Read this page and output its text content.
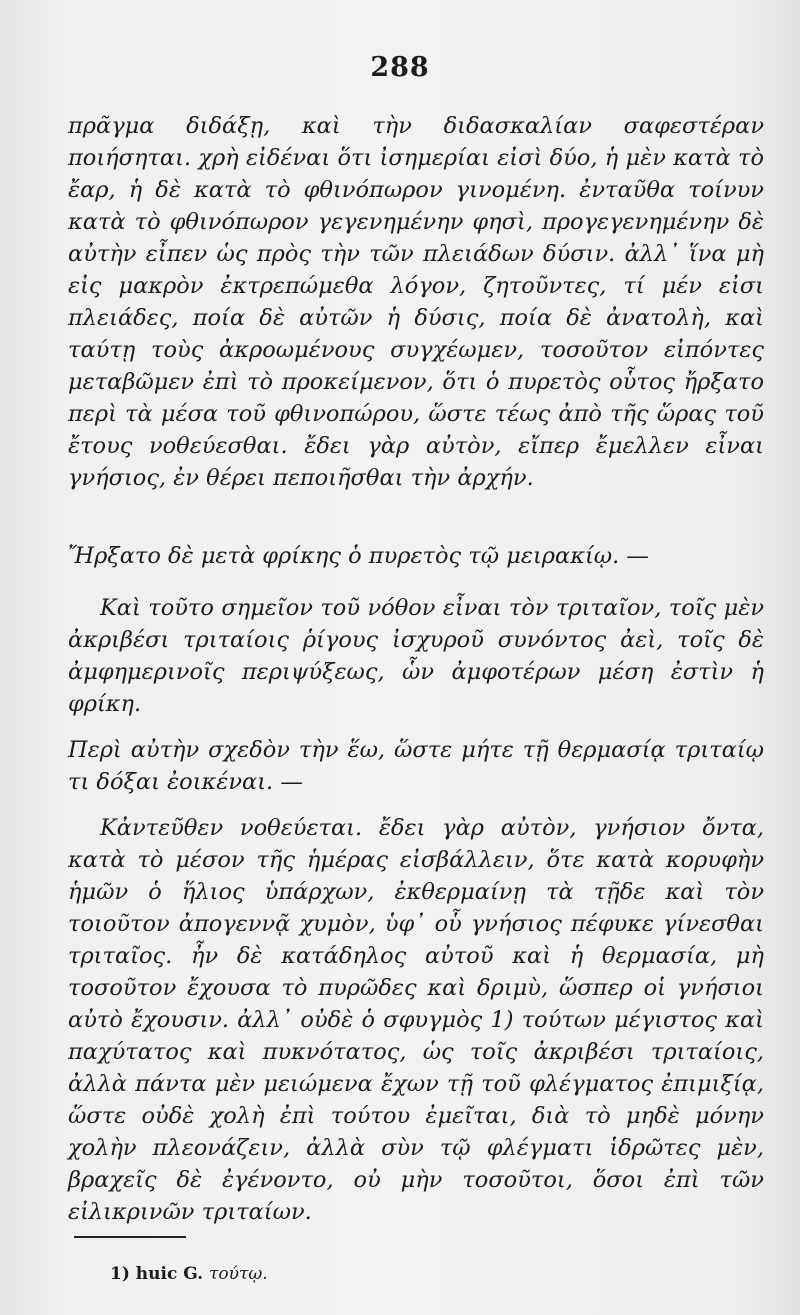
288

πρᾶγμα διδάξῃ, καὶ τὴν διδασκαλίαν σαφεστέραν ποιήσηται. χρὴ εἰδέναι ὅτι ἰσημερίαι εἰσὶ δύο, ἡ μὲν κατὰ τὸ ἔαρ, ἡ δὲ κατὰ τὸ φθινόπωρον γινομένη. ἐνταῦθα τοίνυν κατὰ τὸ φθινόπωρον γεγενημένην φησὶ, προγεγενημένην δὲ αὐτὴν εἶπεν ὡς πρὸς τὴν τῶν πλειάδων δύσιν. ἀλλ᾽ ἵνα μὴ εἰς μακρὸν ἐκτρεπώμεθα λόγον, ζητοῦντες, τί μέν εἰσι πλειάδες, ποία δὲ αὐτῶν ἡ δύσις, ποία δὲ ἀνατολὴ, καὶ ταύτῃ τοὺς ἀκροωμένους συγχέωμεν, τοσοῦτον εἰπόντες μεταβῶμεν ἐπὶ τὸ προκείμενον, ὅτι ὁ πυρετὸς οὗτος ἤρξατο περὶ τὰ μέσα τοῦ φθινοπώρου, ὥστε τέως ἀπὸ τῆς ὥρας τοῦ ἔτους νοθεύεσθαι. ἔδει γὰρ αὐτὸν, εἴπερ ἔμελλεν εἶναι γνήσιος, ἐν θέρει πεποιῆσθαι τὴν ἀρχήν.

Ἤρξατο δὲ μετὰ φρίκης ὁ πυρετὸς τῷ μειρακίῳ. —

Καὶ τοῦτο σημεῖον τοῦ νόθον εἶναι τὸν τριταῖον, τοῖς μὲν ἀκριβέσι τριταίοις ῥίγους ἰσχυροῦ συνόντος ἀεὶ, τοῖς δὲ ἀμφημερινοῖς περιψύξεως, ὧν ἀμφοτέρων μέση ἐστὶν ἡ φρίκη.

Περὶ αὐτὴν σχεδὸν τὴν ἕω, ὥστε μήτε τῇ θερμασίᾳ τριταίῳ τι δόξαι ἐοικέναι. —

Κἀντεῦθεν νοθεύεται. ἔδει γὰρ αὐτὸν, γνήσιον ὄντα, κατὰ τὸ μέσον τῆς ἡμέρας εἰσβάλλειν, ὅτε κατὰ κορυφὴν ἡμῶν ὁ ἥλιος ὑπάρχων, ἐκθερμαίνῃ τὰ τῇδε καὶ τὸν τοιοῦτον ἀπογεννᾷ χυμὸν, ὑφ᾽ οὗ γνήσιος πέφυκε γίνεσθαι τριταῖος. ἦν δὲ κατάδηλος αὐτοῦ καὶ ἡ θερμασία, μὴ τοσοῦτον ἔχουσα τὸ πυρῶδες καὶ δριμὺ, ὥσπερ οἱ γνήσιοι αὐτὸ ἔχουσιν. ἀλλ᾽ οὐδὲ ὁ σφυγμὸς 1) τούτων μέγιστος καὶ παχύτατος καὶ πυκνότατος, ὡς τοῖς ἀκριβέσι τριταίοις, ἀλλὰ πάντα μὲν μειώμενα ἔχων τῇ τοῦ φλέγματος ἐπιμιξίᾳ, ὥστε οὐδὲ χολὴ ἐπὶ τούτου ἐμεῖται, διὰ τὸ μηδὲ μόνην χολὴν πλεονάζειν, ἀλλὰ σὺν τῷ φλέγματι ἱδρῶτες μὲν, βραχεῖς δὲ ἐγένοντο, οὐ μὴν τοσοῦτοι, ὅσοι ἐπὶ τῶν εἰλικρινῶν τριταίων.

1) huic G. τούτῳ.
